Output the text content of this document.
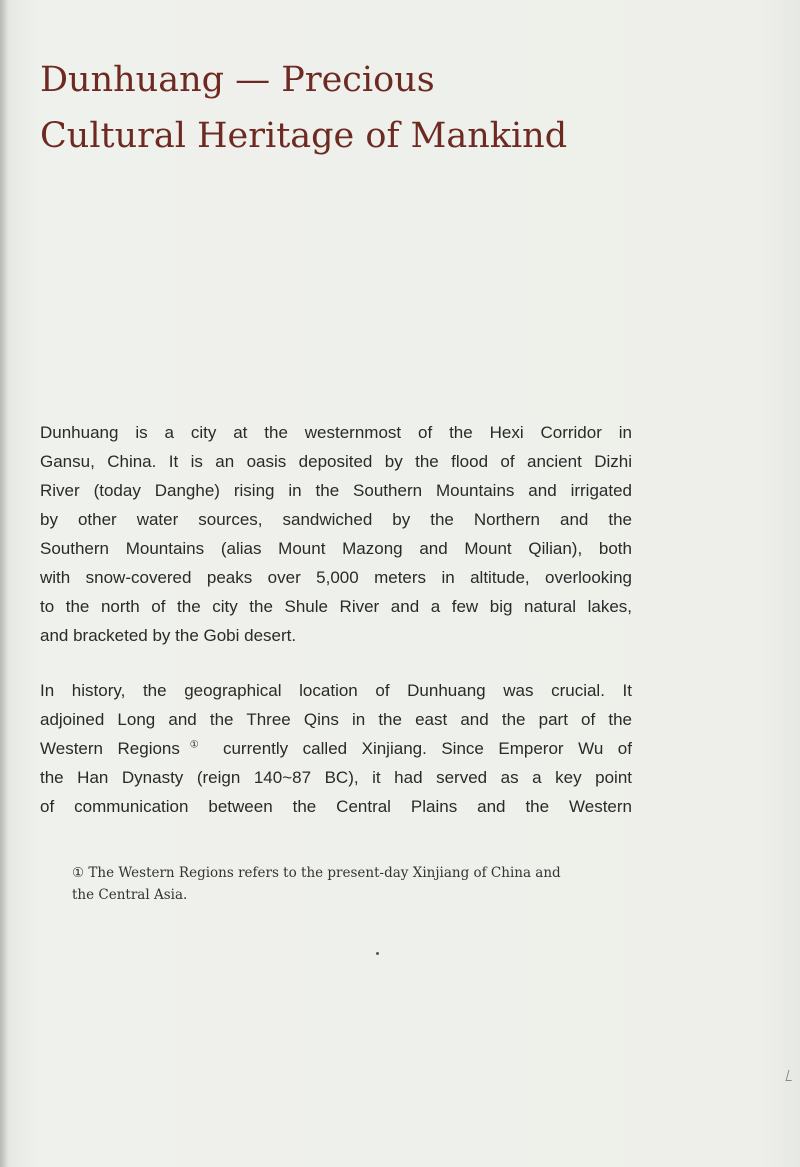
Dunhuang — Precious
Cultural Heritage of Mankind
Dunhuang is a city at the westernmost of the Hexi Corridor in
Gansu, China. It is an oasis deposited by the flood of ancient Dizhi
River (today Danghe) rising in the Southern Mountains and irrigated
by other water sources, sandwiched by the Northern and the
Southern Mountains (alias Mount Mazong and Mount Qilian), both
with snow-covered peaks over 5,000 meters in altitude, overlooking
to the north of the city the Shule River and a few big natural lakes,
and bracketed by the Gobi desert.
In history, the geographical location of Dunhuang was crucial. It
adjoined Long and the Three Qins in the east and the part of the
Western Regions① currently called Xinjiang. Since Emperor Wu of
the Han Dynasty (reign 140~87 BC), it had served as a key point
of communication between the Central Plains and the Western
① The Western Regions refers to the present-day Xinjiang of China and
the Central Asia.
